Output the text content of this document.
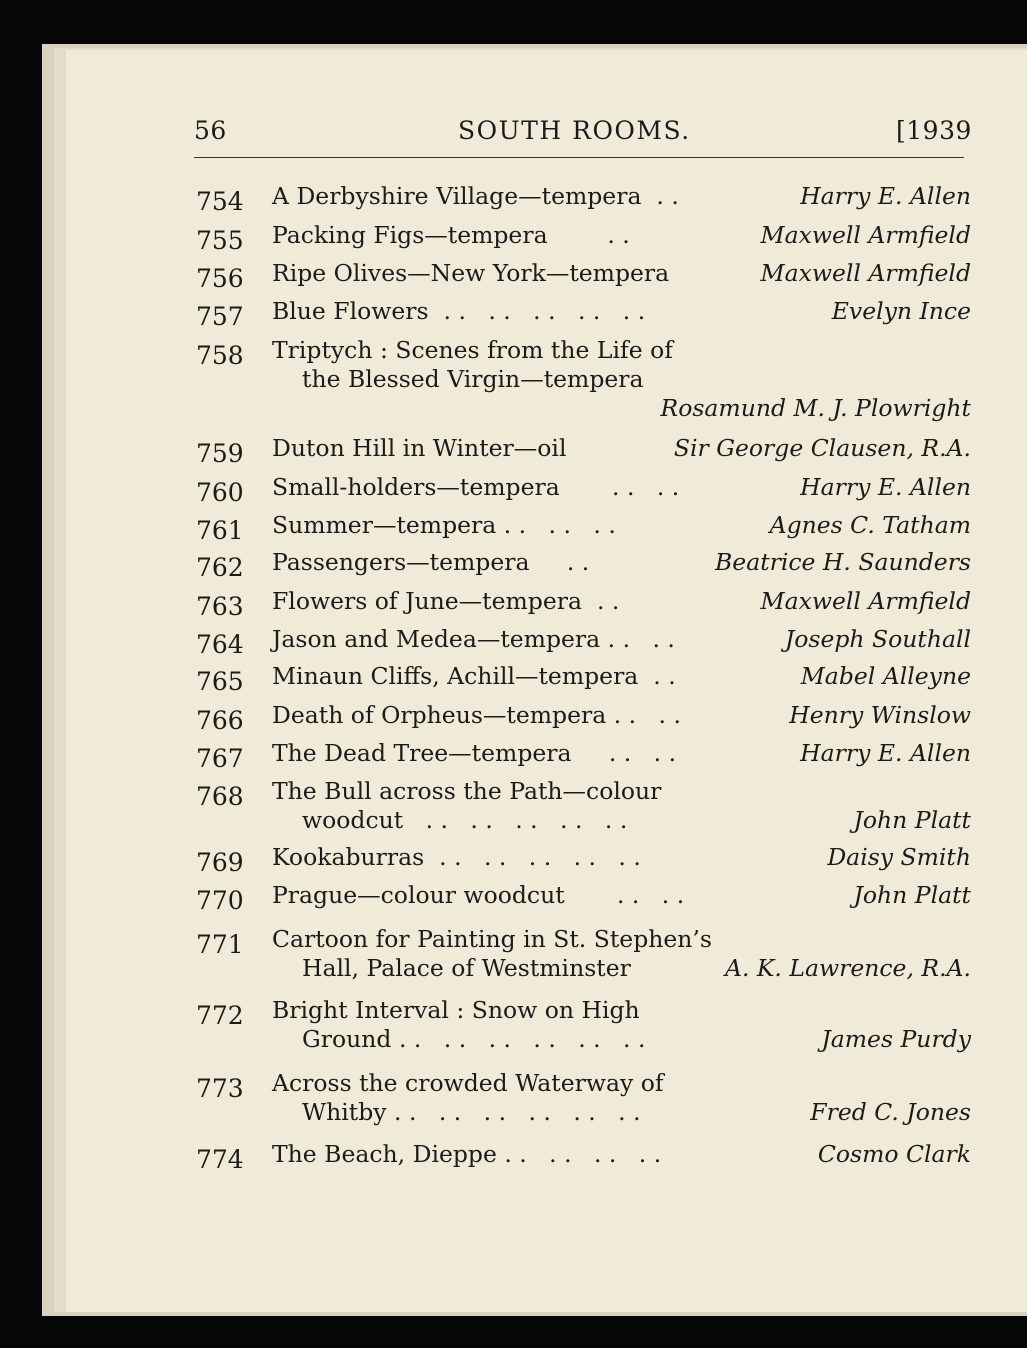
56	SOUTH ROOMS.	[1939
754 A Derbyshire Village—tempera  . .	Harry E. Allen
755 Packing Figs—tempera        . .	Maxwell Armfield
756 Ripe Olives—New York—tempera	Maxwell Armfield
757 Blue Flowers  . .   . .   . .   . .   . .	Evelyn Ince
758 Triptych : Scenes from the Life of
the Blessed Virgin—tempera
Rosamund M. J. Plowright
759 Duton Hill in Winter—oil	Sir George Clausen, R.A.
760 Small-holders—tempera       . .   . .	Harry E. Allen
761 Summer—tempera . .   . .   . .	Agnes C. Tatham
762 Passengers—tempera     . .	Beatrice H. Saunders
763 Flowers of June—tempera  . .	Maxwell Armfield
764 Jason and Medea—tempera . .   . .	Joseph Southall
765 Minaun Cliffs, Achill—tempera  . .	Mabel Alleyne
766 Death of Orpheus—tempera . .   . .	Henry Winslow
767 The Dead Tree—tempera     . .   . .	Harry E. Allen
768 The Bull across the Path—colour
woodcut   . .   . .   . .   . .   . .	John Platt
769 Kookaburras  . .   . .   . .   . .   . .	Daisy Smith
770 Prague—colour woodcut       . .   . .	John Platt
771 Cartoon for Painting in St. Stephen’s
Hall, Palace of Westminster	A. K. Lawrence, R.A.
772 Bright Interval : Snow on High
Ground . .   . .   . .   . .   . .   . .	James Purdy
773 Across the crowded Waterway of
Whitby . .   . .   . .   . .   . .   . .	Fred C. Jones
774 The Beach, Dieppe . .   . .   . .   . .	Cosmo Clark
